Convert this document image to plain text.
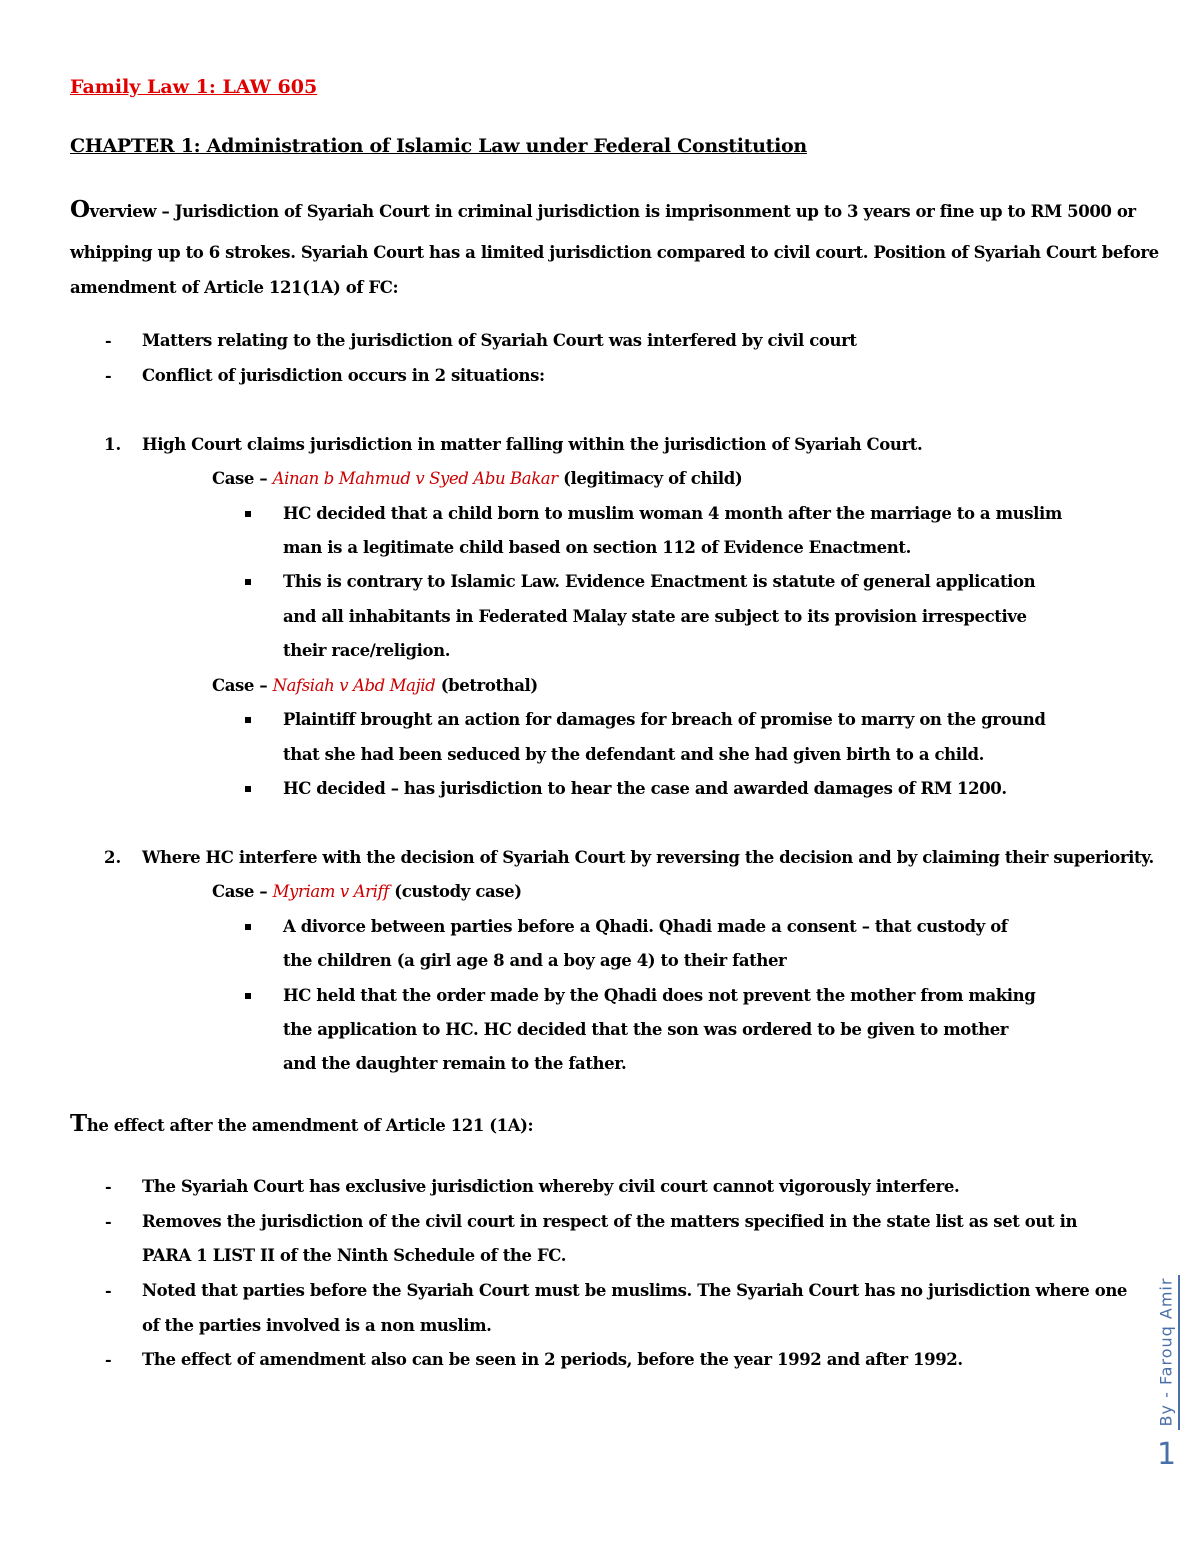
Family Law 1: LAW 605
CHAPTER 1: Administration of Islamic Law under Federal Constitution
Overview – Jurisdiction of Syariah Court in criminal jurisdiction is imprisonment up to 3 years or fine up to RM 5000 or
whipping up to 6 strokes. Syariah Court has a limited jurisdiction compared to civil court. Position of Syariah Court before
amendment of Article 121(1A) of FC:
- Matters relating to the jurisdiction of Syariah Court was interfered by civil court
- Conflict of jurisdiction occurs in 2 situations:
1. High Court claims jurisdiction in matter falling within the jurisdiction of Syariah Court.
Case – Ainan b Mahmud v Syed Abu Bakar (legitimacy of child)
HC decided that a child born to muslim woman 4 month after the marriage to a muslim
man is a legitimate child based on section 112 of Evidence Enactment.
This is contrary to Islamic Law. Evidence Enactment is statute of general application
and all inhabitants in Federated Malay state are subject to its provision irrespective
their race/religion.
Case – Nafsiah v Abd Majid (betrothal)
Plaintiff brought an action for damages for breach of promise to marry on the ground
that she had been seduced by the defendant and she had given birth to a child.
HC decided – has jurisdiction to hear the case and awarded damages of RM 1200.
2. Where HC interfere with the decision of Syariah Court by reversing the decision and by claiming their superiority.
Case – Myriam v Ariff (custody case)
A divorce between parties before a Qhadi. Qhadi made a consent – that custody of
the children (a girl age 8 and a boy age 4) to their father
HC held that the order made by the Qhadi does not prevent the mother from making
the application to HC. HC decided that the son was ordered to be given to mother
and the daughter remain to the father.
The effect after the amendment of Article 121 (1A):
- The Syariah Court has exclusive jurisdiction whereby civil court cannot vigorously interfere.
- Removes the jurisdiction of the civil court in respect of the matters specified in the state list as set out in
PARA 1 LIST II of the Ninth Schedule of the FC.
- Noted that parties before the Syariah Court must be muslims. The Syariah Court has no jurisdiction where one
of the parties involved is a non muslim.
- The effect of amendment also can be seen in 2 periods, before the year 1992 and after 1992.	By - Farouq Amir
1
